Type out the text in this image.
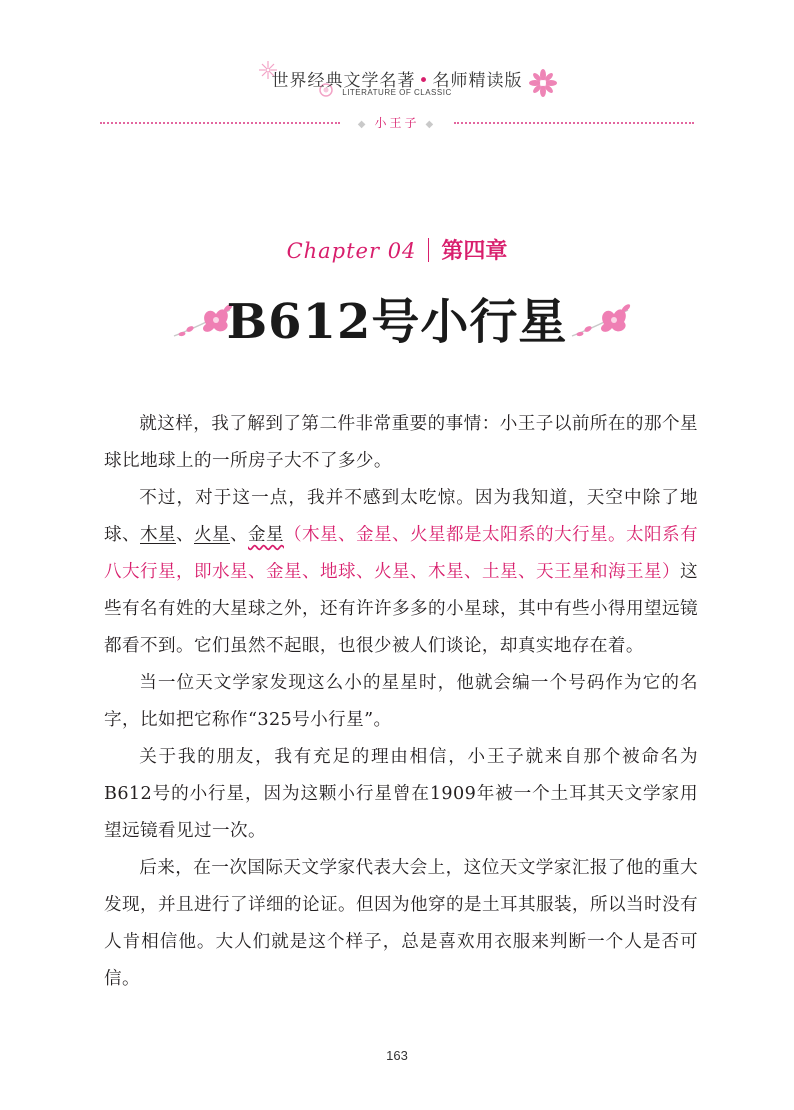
世界经典文学名著 • 名师精读版
LITERATURE OF CLASSIC
◆ 小王子 ◆
Chapter 04 第四章
B612号小行星

就这样，我了解到了第二件非常重要的事情：小王子以前所在的那个星球比地球上的一所房子大不了多少。

不过，对于这一点，我并不感到太吃惊。因为我知道，天空中除了地球、木星、火星、金星（木星、金星、火星都是太阳系的大行星。太阳系有八大行星，即水星、金星、地球、火星、木星、土星、天王星和海王星）这些有名有姓的大星球之外，还有许许多多的小星球，其中有些小得用望远镜都看不到。它们虽然不起眼，也很少被人们谈论，却真实地存在着。

当一位天文学家发现这么小的星星时，他就会编一个号码作为它的名字，比如把它称作“325号小行星”。

关于我的朋友，我有充足的理由相信，小王子就来自那个被命名为B612号的小行星，因为这颗小行星曾在1909年被一个土耳其天文学家用望远镜看见过一次。

后来，在一次国际天文学家代表大会上，这位天文学家汇报了他的重大发现，并且进行了详细的论证。但因为他穿的是土耳其服装，所以当时没有人肯相信他。大人们就是这个样子，总是喜欢用衣服来判断一个人是否可信。

163
